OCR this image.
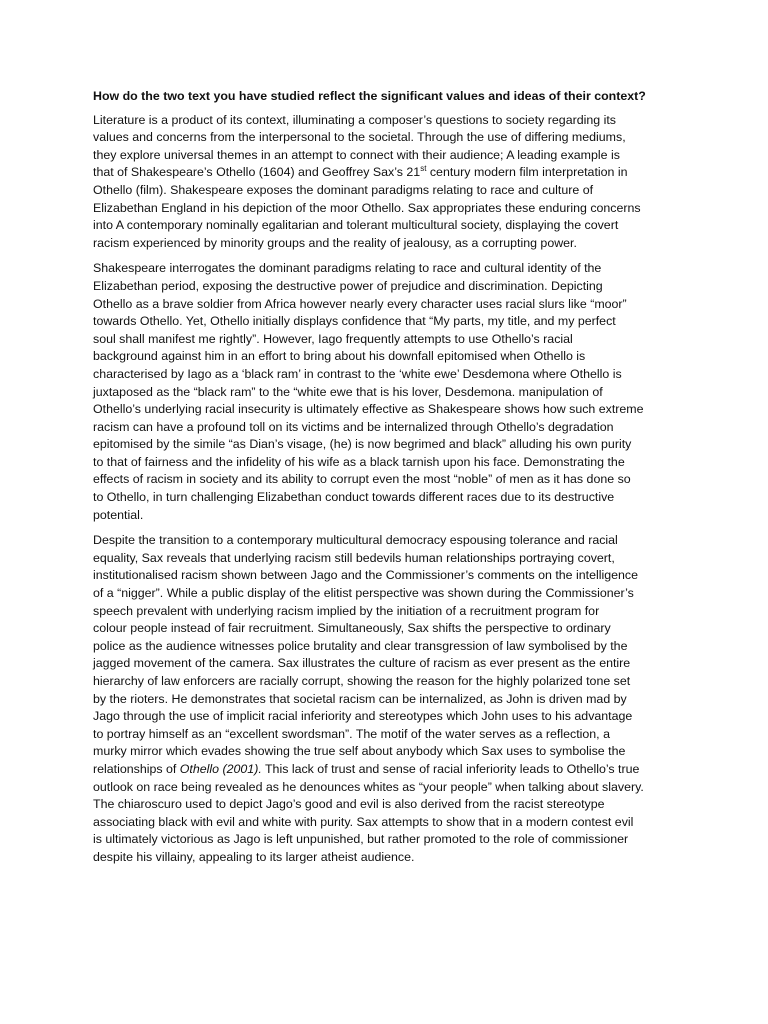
How do the two text you have studied reflect the significant values and ideas of their context?

Literature is a product of its context, illuminating a composer’s questions to society regarding its
values and concerns from the interpersonal to the societal. Through the use of differing mediums,
they explore universal themes in an attempt to connect with their audience; A leading example is
that of Shakespeare’s Othello (1604) and Geoffrey Sax’s 21st century modern film interpretation in
Othello (film). Shakespeare exposes the dominant paradigms relating to race and culture of
Elizabethan England in his depiction of the moor Othello. Sax appropriates these enduring concerns
into A contemporary nominally egalitarian and tolerant multicultural society, displaying the covert
racism experienced by minority groups and the reality of jealousy, as a corrupting power.
Shakespeare interrogates the dominant paradigms relating to race and cultural identity of the
Elizabethan period, exposing the destructive power of prejudice and discrimination. Depicting
Othello as a brave soldier from Africa however nearly every character uses racial slurs like “moor”
towards Othello. Yet, Othello initially displays confidence that “My parts, my title, and my perfect
soul shall manifest me rightly”. However, Iago frequently attempts to use Othello’s racial
background against him in an effort to bring about his downfall epitomised when Othello is
characterised by Iago as a ‘black ram’ in contrast to the ‘white ewe’ Desdemona where Othello is
juxtaposed as the “black ram” to the “white ewe that is his lover, Desdemona. manipulation of
Othello’s underlying racial insecurity is ultimately effective as Shakespeare shows how such extreme
racism can have a profound toll on its victims and be internalized through Othello’s degradation
epitomised by the simile “as Dian’s visage, (he) is now begrimed and black” alluding his own purity
to that of fairness and the infidelity of his wife as a black tarnish upon his face. Demonstrating the
effects of racism in society and its ability to corrupt even the most “noble” of men as it has done so
to Othello, in turn challenging Elizabethan conduct towards different races due to its destructive
potential.
Despite the transition to a contemporary multicultural democracy espousing tolerance and racial
equality, Sax reveals that underlying racism still bedevils human relationships portraying covert,
institutionalised racism shown between Jago and the Commissioner’s comments on the intelligence
of a “nigger”. While a public display of the elitist perspective was shown during the Commissioner’s
speech prevalent with underlying racism implied by the initiation of a recruitment program for
colour people instead of fair recruitment. Simultaneously, Sax shifts the perspective to ordinary
police as the audience witnesses police brutality and clear transgression of law symbolised by the
jagged movement of the camera. Sax illustrates the culture of racism as ever present as the entire
hierarchy of law enforcers are racially corrupt, showing the reason for the highly polarized tone set
by the rioters. He demonstrates that societal racism can be internalized, as John is driven mad by
Jago through the use of implicit racial inferiority and stereotypes which John uses to his advantage
to portray himself as an “excellent swordsman”. The motif of the water serves as a reflection, a
murky mirror which evades showing the true self about anybody which Sax uses to symbolise the
relationships of Othello (2001). This lack of trust and sense of racial inferiority leads to Othello’s true
outlook on race being revealed as he denounces whites as “your people” when talking about slavery.
The chiaroscuro used to depict Jago’s good and evil is also derived from the racist stereotype
associating black with evil and white with purity. Sax attempts to show that in a modern contest evil
is ultimately victorious as Jago is left unpunished, but rather promoted to the role of commissioner
despite his villainy, appealing to its larger atheist audience.
